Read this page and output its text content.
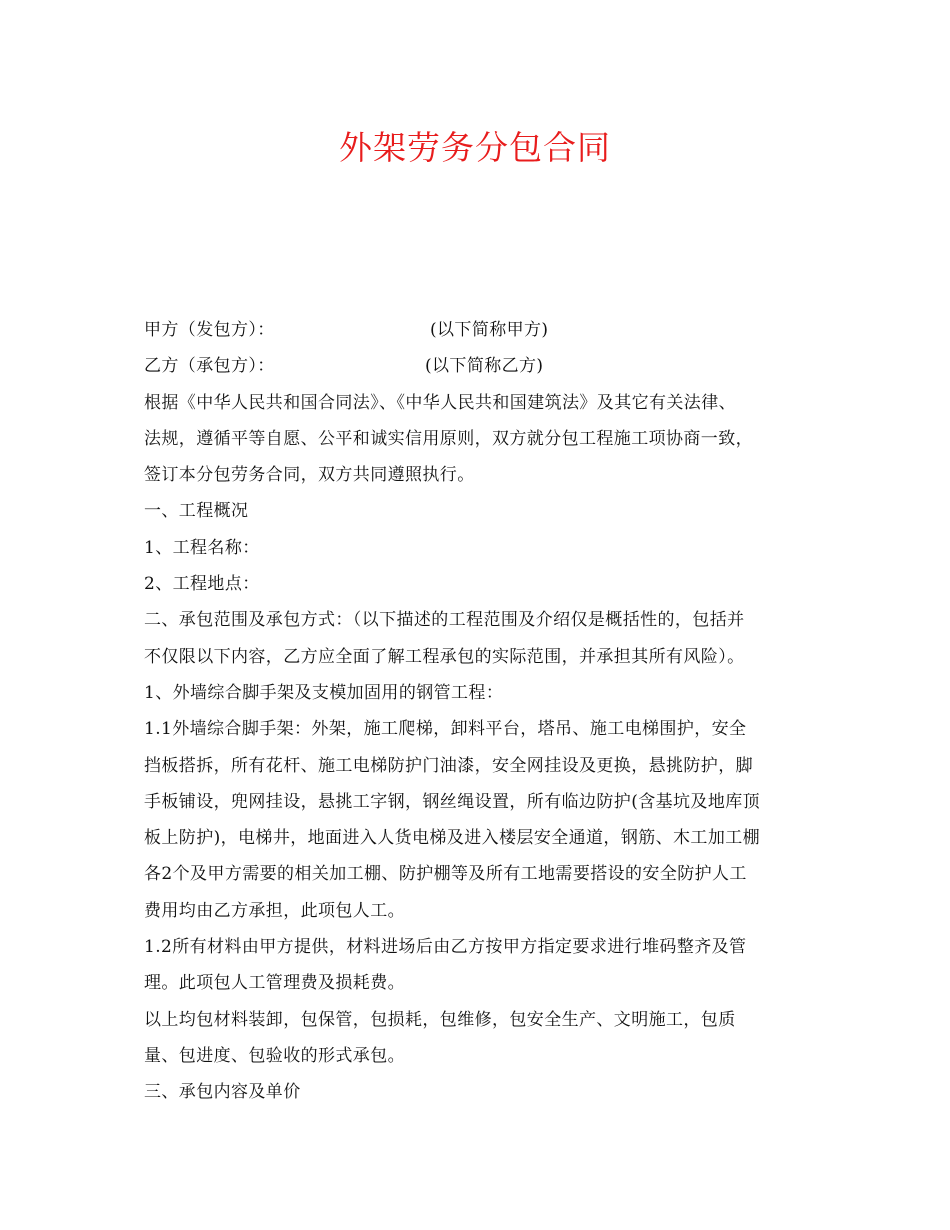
外架劳务分包合同
甲方（发包方）：	(以下简称甲方)
乙方（承包方）：	(以下简称乙方)
根据《中华人民共和国合同法》、《中华人民共和国建筑法》及其它有关法律、
法规，遵循平等自愿、公平和诚实信用原则，双方就分包工程施工项协商一致，
签订本分包劳务合同，双方共同遵照执行。
一、工程概况
1、工程名称：
2、工程地点：
二、承包范围及承包方式：（以下描述的工程范围及介绍仅是概括性的，包括并
不仅限以下内容，乙方应全面了解工程承包的实际范围，并承担其所有风险）。
1、外墙综合脚手架及支模加固用的钢管工程：
1.1外墙综合脚手架：外架，施工爬梯，卸料平台，塔吊、施工电梯围护，安全
挡板搭拆，所有花杆、施工电梯防护门油漆，安全网挂设及更换，悬挑防护，脚
手板铺设，兜网挂设，悬挑工字钢，钢丝绳设置，所有临边防护(含基坑及地库顶
板上防护)，电梯井，地面进入人货电梯及进入楼层安全通道，钢筋、木工加工棚
各2个及甲方需要的相关加工棚、防护棚等及所有工地需要搭设的安全防护人工
费用均由乙方承担，此项包人工。
1.2所有材料由甲方提供，材料进场后由乙方按甲方指定要求进行堆码整齐及管
理。此项包人工管理费及损耗费。
以上均包材料装卸，包保管，包损耗，包维修，包安全生产、文明施工，包质
量、包进度、包验收的形式承包。
三、承包内容及单价
